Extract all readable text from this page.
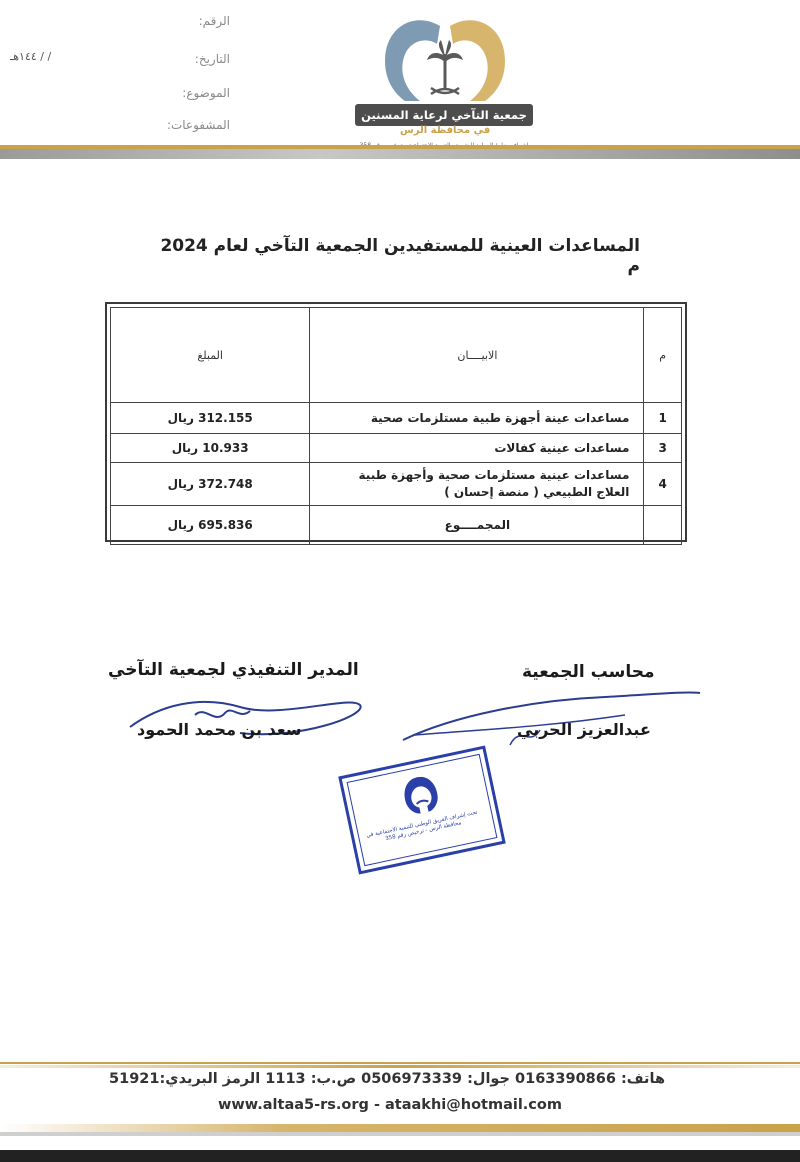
الرقم:
التاريخ:
/ / ١٤٤هـ
الموضوع:
المشفوعات:
جمعية التآخي لرعاية المسنين
في محافظة الرس
المساعدات العينية للمستفيدين الجمعية التآخي لعام 2024 م
م	الابيــــان	المبلغ
1	مساعدات عينة أجهزة طبية مستلزمات صحية	312.155 ريال
3	مساعدات عينية كفالات	10.933 ريال
4	مساعدات عينية مستلزمات صحية وأجهزة طبية
العلاج الطبيعي ( منصة إحسان )	372.748 ريال
	المجمــــوع	695.836 ريال
المدير التنفيذي لجمعية التآخي	محاسب الجمعية
سعد بن محمد الحمود	عبدالعزيز الحربي
تحت إشراف الفريق الوطني للتنمية الاجتماعية في محافظة الرس - ترخيص رقم 358
هاتف: 0163390866 جوال: 0506973339 ص.ب: 1113 الرمز البريدي:51921
www.altaa5-rs.org - ataakhi@hotmail.com
